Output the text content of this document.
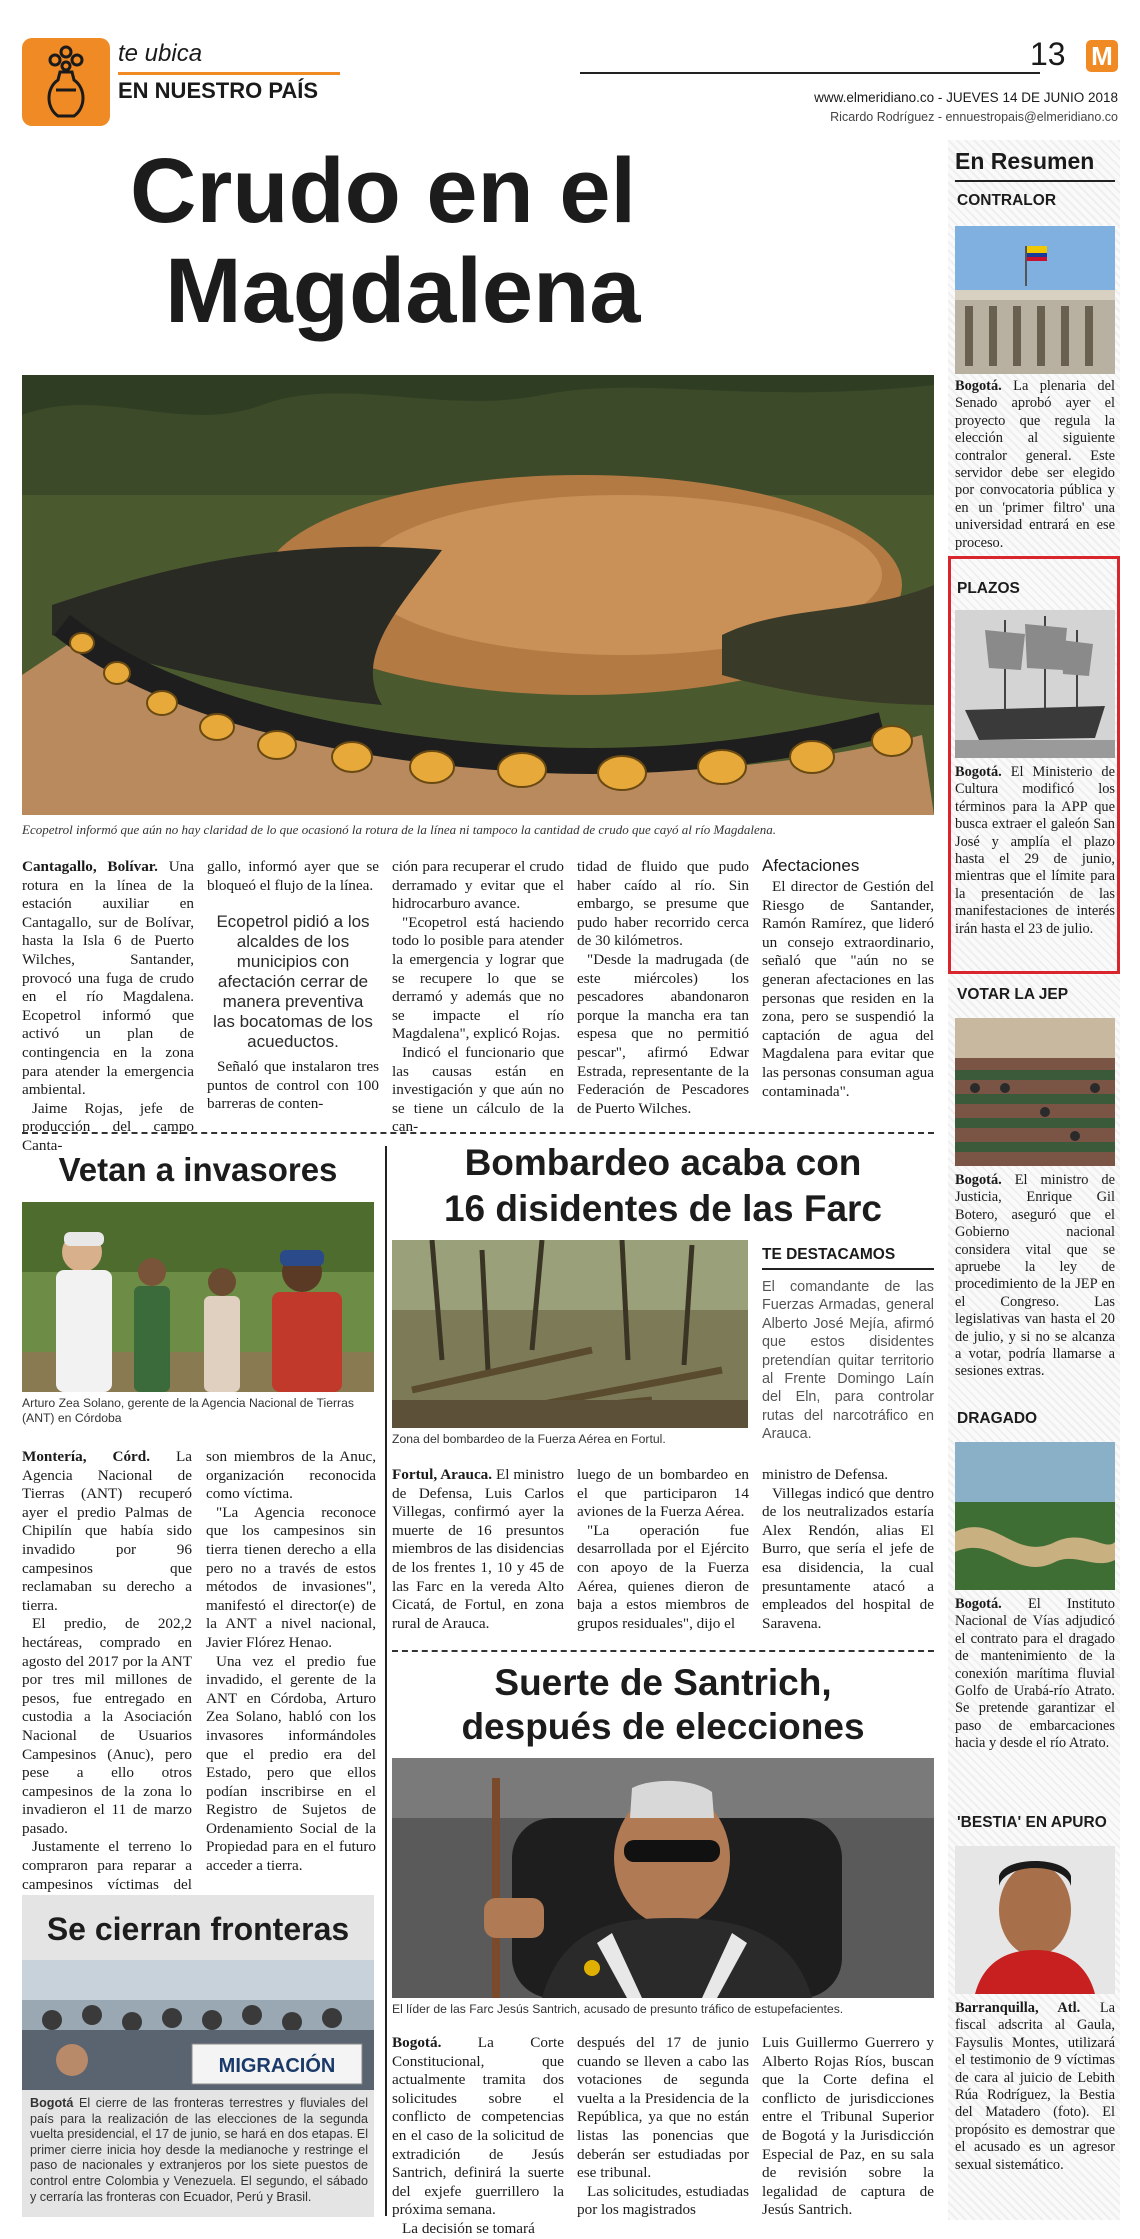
te ubica
EN NUESTRO PAÍS
13 M
www.elmeridiano.co - JUEVES 14 DE JUNIO 2018
Ricardo Rodríguez - ennuestropais@elmeridiano.co
Crudo en el
Magdalena
Ecopetrol informó que aún no hay claridad de lo que ocasionó la rotura de la línea ni tampoco la cantidad de crudo que cayó al río Magdalena.

Cantagallo, Bolívar. Una rotura en la línea de la estación auxiliar en Cantagallo, sur de Bolívar, hasta la Isla 6 de Puerto Wilches, Santander, provocó una fuga de crudo en el río Magdalena. Ecopetrol informó que activó un plan de contingencia en la zona para atender la emergencia ambiental.

Jaime Rojas, jefe de producción del campo Canta-

gallo, informó ayer que se bloqueó el flujo de la línea.

Ecopetrol pidió a los alcaldes de los municipios con afectación cerrar de manera preventiva las bocatomas de los acueductos.

Señaló que instalaron tres puntos de control con 100 barreras de conten-

ción para recuperar el crudo derramado y evitar que el hidrocarburo avance.

"Ecopetrol está haciendo todo lo posible para atender la emergencia y lograr que se recupere lo que se derramó y además que no se impacte el río Magdalena", explicó Rojas.

Indicó el funcionario que las causas están en investigación y que aún no se tiene un cálculo de la can-

tidad de fluido que pudo haber caído al río. Sin embargo, se presume que pudo haber recorrido cerca de 30 kilómetros.

"Desde la madrugada (de este miércoles) los pescadores abandonaron porque la mancha era tan espesa que no permitió pescar", afirmó Edwar Estrada, representante de la Federación de Pescadores de Puerto Wilches.

Afectaciones

El director de Gestión del Riesgo de Santander, Ramón Ramírez, que lideró un consejo extraordinario, señaló que "aún no se generan afectaciones en las personas que residen en la zona, pero se suspendió la captación de agua del Magdalena para evitar que las personas consuman agua contaminada".

Vetan a invasores
Arturo Zea Solano, gerente de la Agencia Nacional de Tierras (ANT) en Córdoba

Montería, Córd. La Agencia Nacional de Tierras (ANT) recuperó ayer el predio Palmas de Chipilín que había sido invadido por 96 campesinos que reclamaban su derecho a tierra.

El predio, de 202,2 hectáreas, comprado en agosto del 2017 por la ANT por tres mil millones de pesos, fue entregado en custodia a la Asociación Nacional de Usuarios Campesinos (Anuc), pero pese a ello otros campesinos de la zona lo invadieron el 11 de marzo pasado.

Justamente el terreno lo compraron para reparar a campesinos víctimas del

son miembros de la Anuc, organización reconocida como víctima.

"La Agencia reconoce que los campesinos sin tierra tienen derecho a ella pero no a través de estos métodos de invasiones", manifestó el director(e) de la ANT a nivel nacional, Javier Flórez Henao.

Una vez el predio fue invadido, el gerente de la ANT en Córdoba, Arturo Zea Solano, habló con los invasores informándoles que el predio era del Estado, pero que ellos podían inscribirse en el Registro de Sujetos de Ordenamiento Social de la Propiedad para en el futuro acceder a tierra.

Se cierran fronteras
MIGRACIÓN
Bogotá El cierre de las fronteras terrestres y fluviales del país para la realización de las elecciones de la segunda vuelta presidencial, el 17 de junio, se hará en dos etapas. El primer cierre inicia hoy desde la medianoche y restringe el paso de nacionales y extranjeros por los siete puestos de control entre Colombia y Venezuela. El segundo, el sábado y cerraría las fronteras con Ecuador, Perú y Brasil.
Bombardeo acaba con
16 disidentes de las Farc
Zona del bombardeo de la Fuerza Aérea en Fortul.
TE DESTACAMOS
El comandante de las Fuerzas Armadas, general Alberto José Mejía, afirmó que estos disidentes pretendían quitar territorio al Frente Domingo Laín del Eln, para controlar rutas del narcotráfico en Arauca.

Fortul, Arauca. El ministro de Defensa, Luis Carlos Villegas, confirmó ayer la muerte de 16 presuntos miembros de las disidencias de los frentes 1, 10 y 45 de las Farc en la vereda Alto Cicatá, de Fortul, en zona rural de Arauca.

luego de un bombardeo en el que participaron 14 aviones de la Fuerza Aérea.

"La operación fue desarrollada por el Ejército con apoyo de la Fuerza Aérea, quienes dieron de baja a estos miembros de grupos residuales", dijo el

ministro de Defensa.

Villegas indicó que dentro de los neutralizados estaría Alex Rendón, alias El Burro, que sería el jefe de esa disidencia, la cual presuntamente atacó a empleados del hospital de Saravena.

Suerte de Santrich,
después de elecciones
El líder de las Farc Jesús Santrich, acusado de presunto tráfico de estupefacientes.

Bogotá. La Corte Constitucional, que actualmente tramita dos solicitudes sobre el conflicto de competencias en el caso de la solicitud de extradición de Jesús Santrich, definirá la suerte del exjefe guerrillero la próxima semana.

La decisión se tomará

después del 17 de junio cuando se lleven a cabo las votaciones de segunda vuelta a la Presidencia de la República, ya que no están listas las ponencias que deberán ser estudiadas por ese tribunal.

Las solicitudes, estudiadas por los magistrados

Luis Guillermo Guerrero y Alberto Rojas Ríos, buscan que la Corte defina el conflicto de jurisdicciones entre el Tribunal Superior de Bogotá y la Jurisdicción Especial de Paz, en su sala de revisión sobre la legalidad de captura de Jesús Santrich.

En Resumen
CONTRALOR
Bogotá. La plenaria del Senado aprobó ayer el proyecto que regula la elección al siguiente contralor general. Este servidor debe ser elegido por convocatoria pública y en un 'primer filtro' una universidad entrará en ese proceso.
PLAZOS
Bogotá. El Ministerio de Cultura modificó los términos para la APP que busca extraer el galeón San José y amplía el plazo hasta el 29 de junio, mientras que el límite para la presentación de las manifestaciones de interés irán hasta el 23 de julio.
VOTAR LA JEP
Bogotá. El ministro de Justicia, Enrique Gil Botero, aseguró que el Gobierno nacional considera vital que se apruebe la ley de procedimiento de la JEP en el Congreso. Las legislativas van hasta el 20 de julio, y si no se alcanza a votar, podría llamarse a sesiones extras.
DRAGADO
Bogotá. El Instituto Nacional de Vías adjudicó el contrato para el dragado de mantenimiento de la conexión marítima fluvial Golfo de Urabá-río Atrato. Se pretende garantizar el paso de embarcaciones hacia y desde el río Atrato.
'BESTIA' EN APURO
Barranquilla, Atl. La fiscal adscrita al Gaula, Faysulis Montes, utilizará el testimonio de 9 víctimas de cara al juicio de Lebith Rúa Rodríguez, la Bestia del Matadero (foto). El propósito es demostrar que el acusado es un agresor sexual sistemático.
